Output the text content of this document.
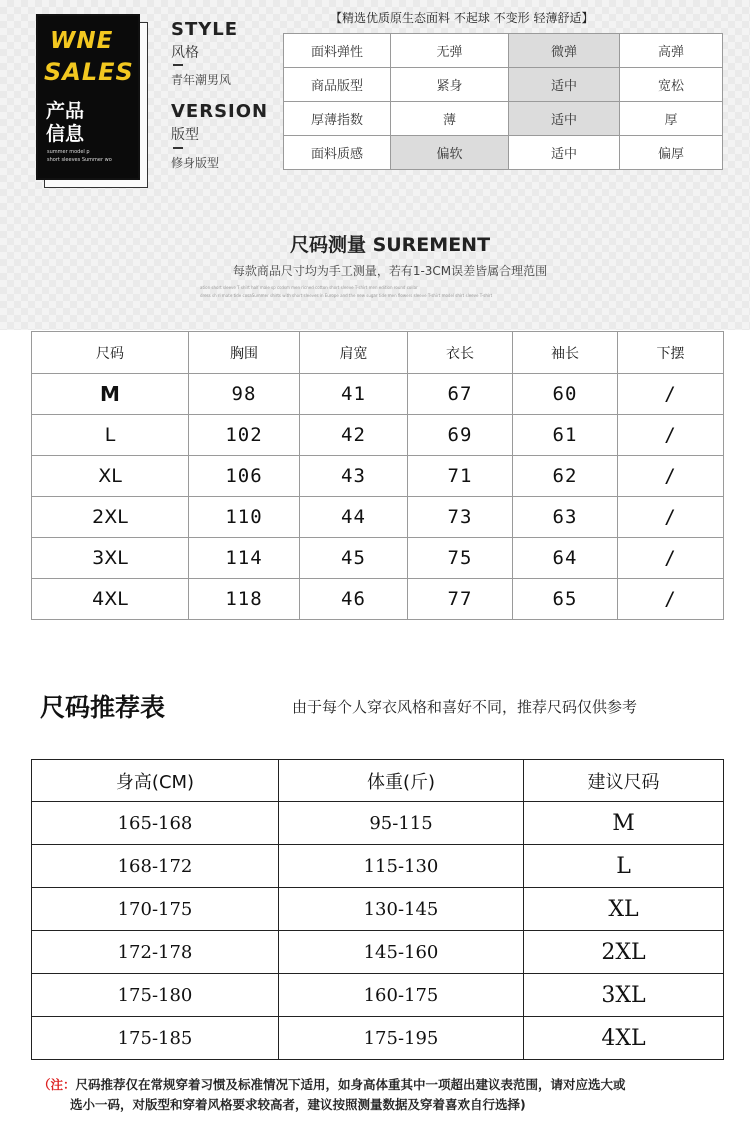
WNE
SALES
产品
信息
summer model p
short sleeves Summer wo
STYLE
风格
青年潮男风
VERSION
版型
修身版型
【精选优质原生态面料 不起球 不变形 轻薄舒适】
面料弹性	无弹	微弹	高弹
商品版型	紧身	适中	宽松
厚薄指数	薄	适中	厚
面料质感	偏软	适中	偏厚
尺码测量 SUREMENT
每款商品尺寸均为手工测量，若有1-3CM误差皆属合理范围
ation short sleeve T shirt half male sp ccdsm men ricned cotton short sleeve T-shirt men edition round collar
dress sh ri mate tide cosaSummer shirts with short sleeves in Europe and the new sugar tide men flowers sleeve T-shirt model shirt sleeve T-shirt
尺码	胸围	肩宽	衣长	袖长	下摆
M	98	41	67	60	/
L	102	42	69	61	/
XL	106	43	71	62	/
2XL	110	44	73	63	/
3XL	114	45	75	64	/
4XL	118	46	77	65	/
尺码推荐表	由于每个人穿衣风格和喜好不同，推荐尺码仅供参考
身高(CM)	体重(斤)	建议尺码
165-168	95-115	M
168-172	115-130	L
170-175	130-145	XL
172-178	145-160	2XL
175-180	160-175	3XL
175-185	175-195	4XL
（注：尺码推荐仅在常规穿着习惯及标准情况下适用，如身高体重其中一项超出建议表范围，请对应选大或
选小一码，对版型和穿着风格要求较高者，建议按照测量数据及穿着喜欢自行选择)
